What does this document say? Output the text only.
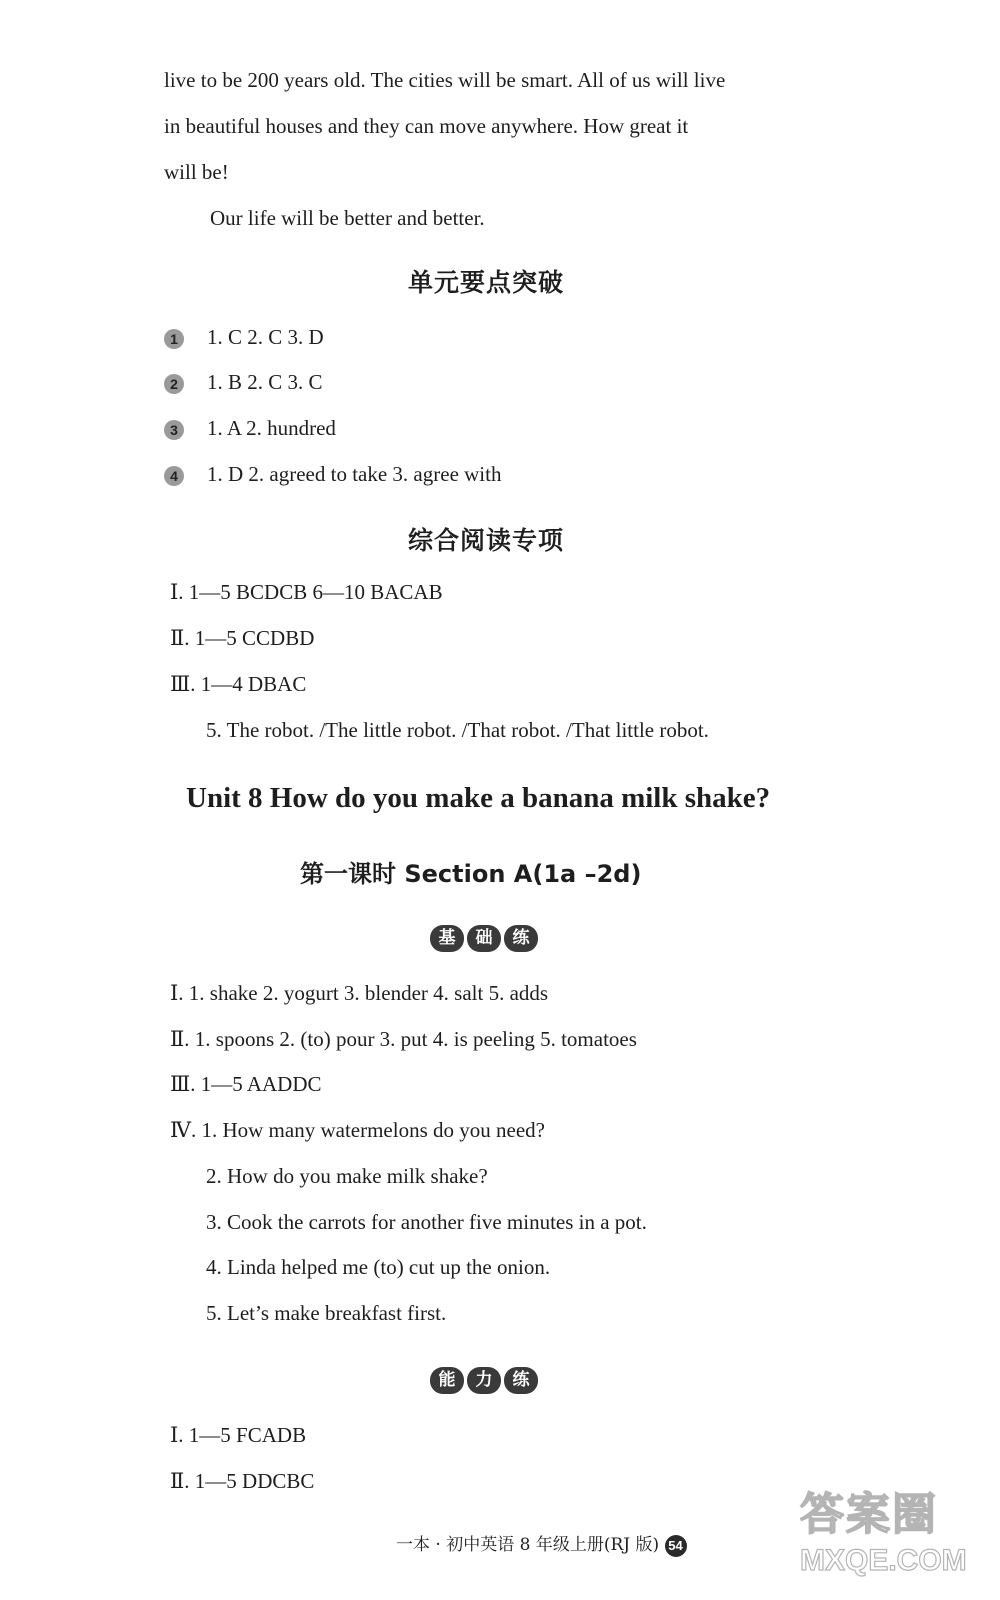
live to be 200 years old. The cities will be smart. All of us will live
in beautiful houses and they can move anywhere. How great it
will be!
Our life will be better and better.
单元要点突破
1 1. C 2. C 3. D
2 1. B 2. C 3. C
3 1. A 2. hundred
4 1. D 2. agreed to take 3. agree with
综合阅读专项
Ⅰ. 1—5 BCDCB 6—10 BACAB
Ⅱ. 1—5 CCDBD
Ⅲ. 1—4 DBAC
5. The robot. /The little robot. /That robot. /That little robot.
Unit 8 How do you make a banana milk shake?
第一课时 Section A(1a –2d)
基	础	练
Ⅰ. 1. shake 2. yogurt 3. blender 4. salt 5. adds
Ⅱ. 1. spoons 2. (to) pour 3. put 4. is peeling 5. tomatoes
Ⅲ. 1—5 AADDC
Ⅳ. 1. How many watermelons do you need?
2. How do you make milk shake?
3. Cook the carrots for another five minutes in a pot.
4. Linda helped me (to) cut up the onion.
5. Let’s make breakfast first.
能	力	练
Ⅰ. 1—5 FCADB
Ⅱ. 1—5 DDCBC
一本 · 初中英语 8 年级上册(RJ 版) 54
答案圈
MXQE.COM
